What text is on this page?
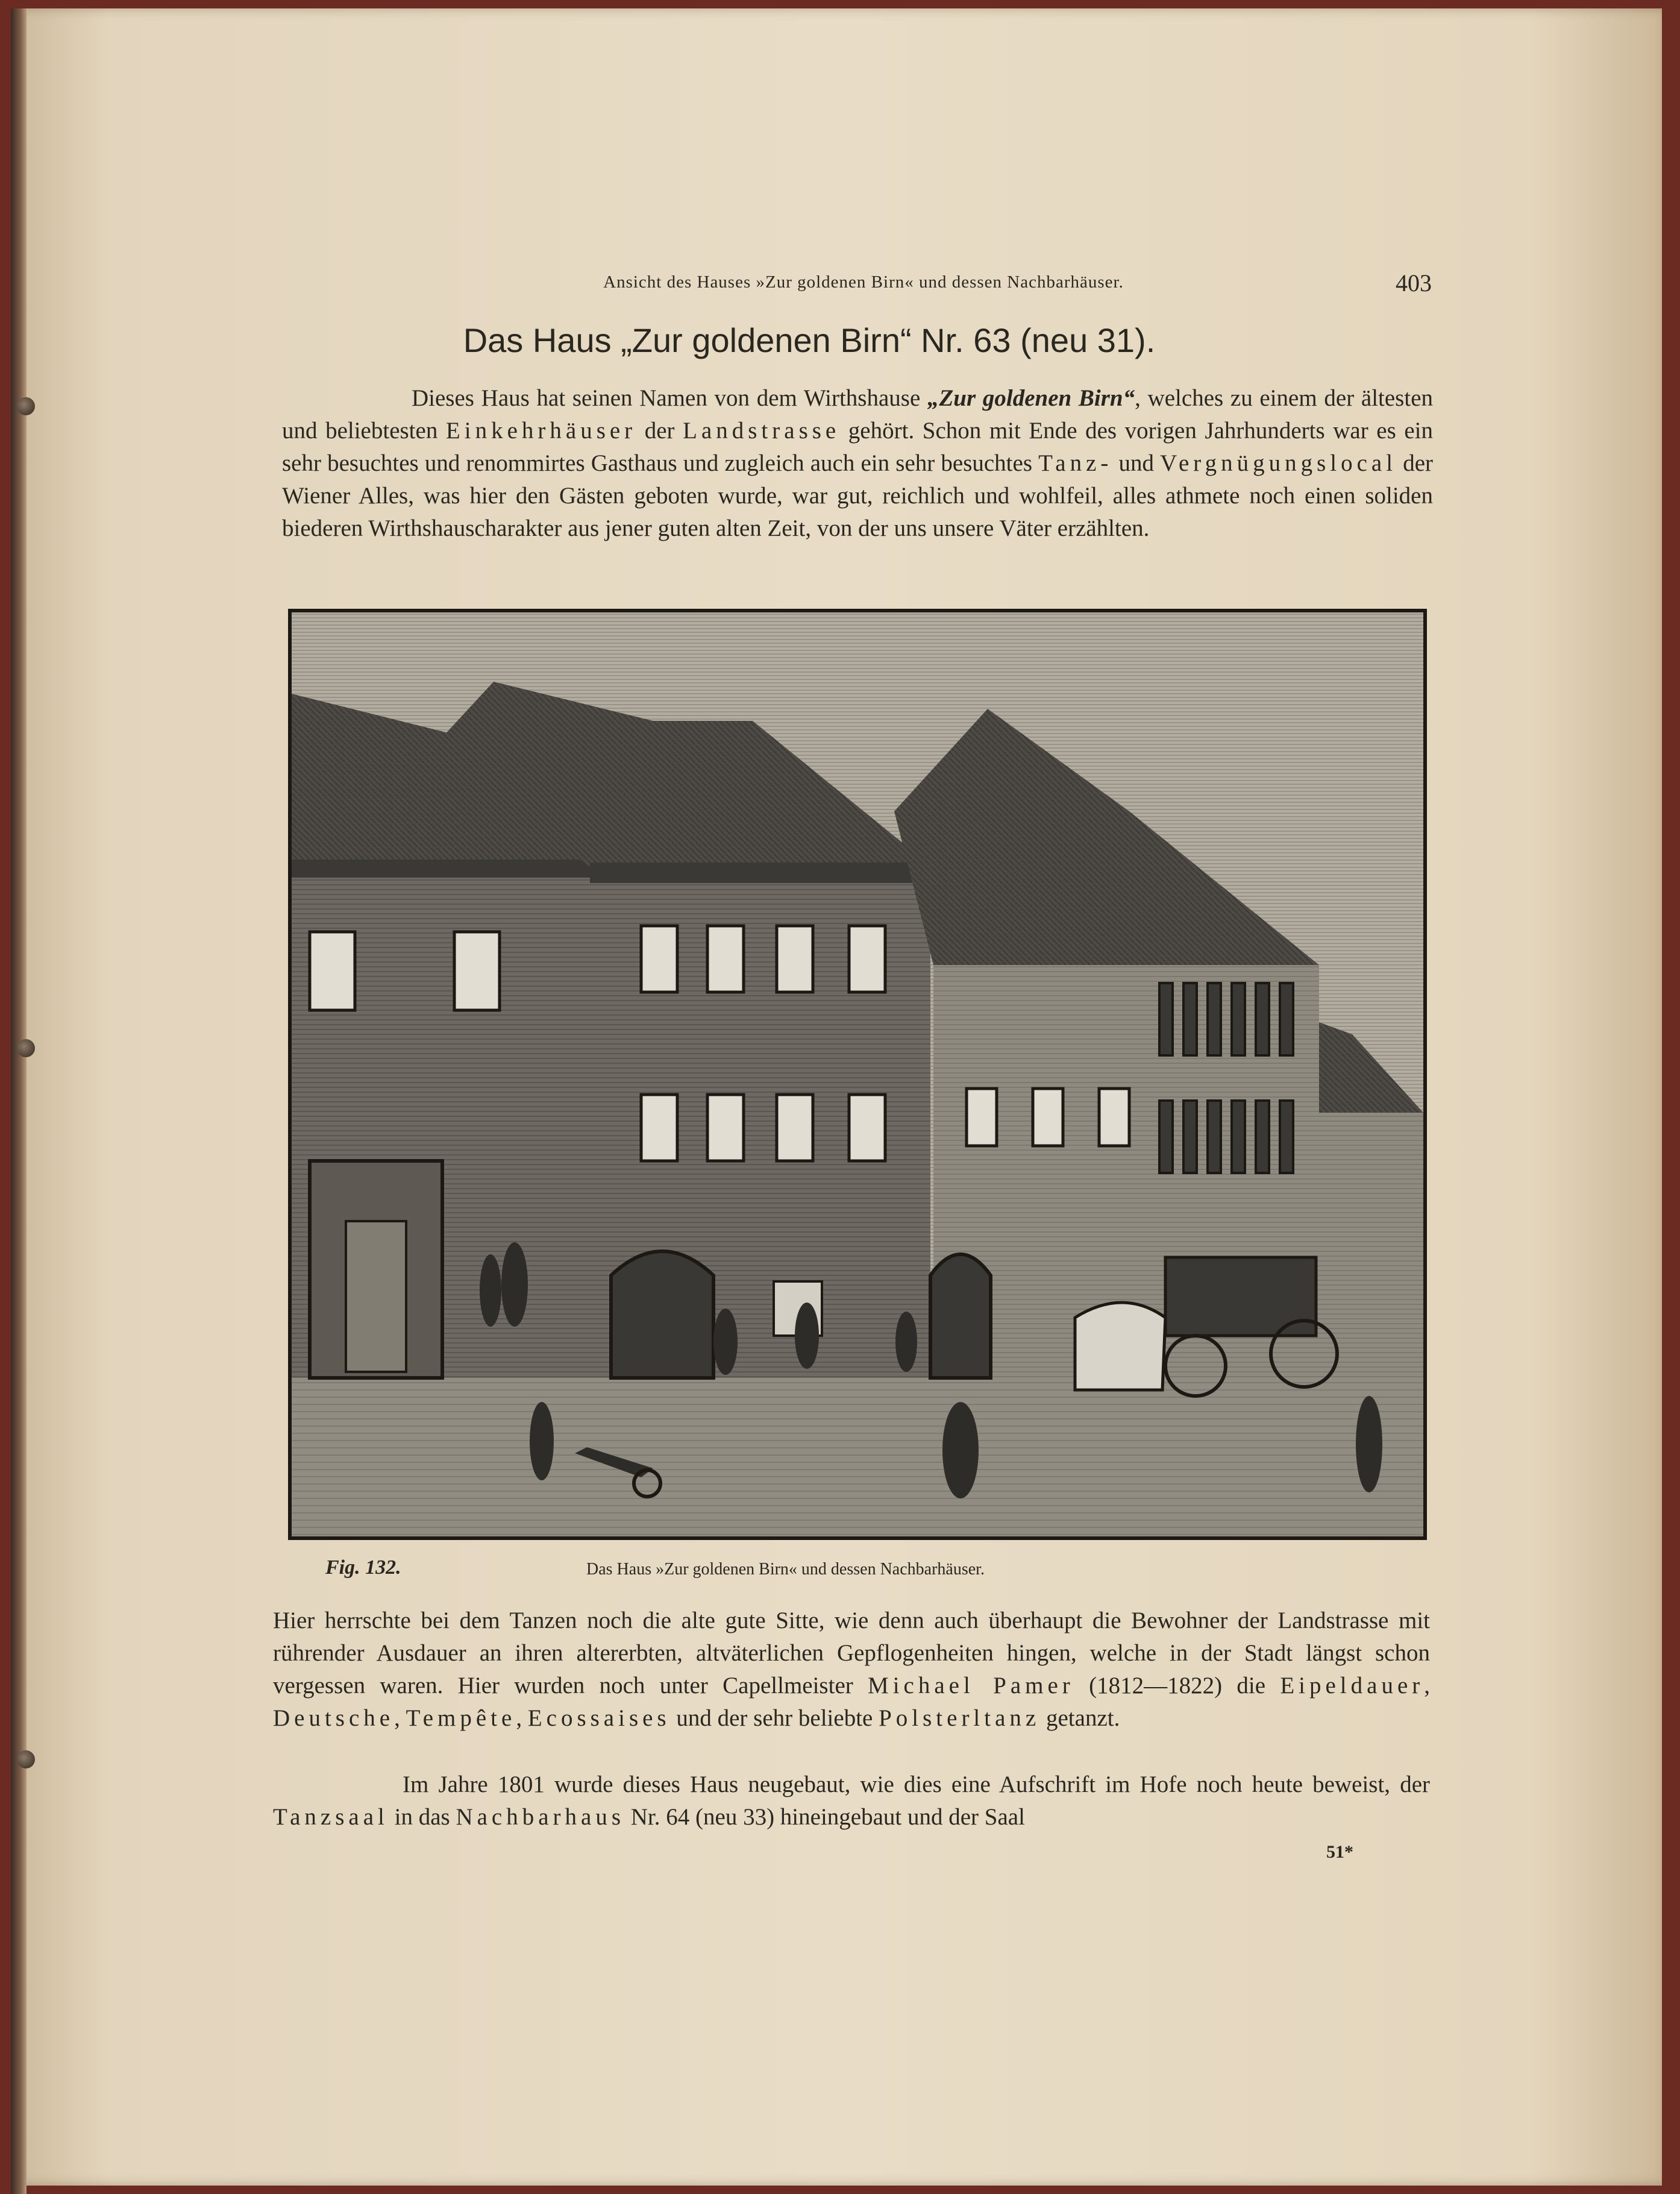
Ansicht des Hauses »Zur goldenen Birn« und dessen Nachbarhäuser.	403
Das Haus „Zur goldenen Birn“ Nr. 63 (neu 31).
Dieses Haus hat seinen Namen von dem Wirthshause „Zur goldenen Birn“, welches zu einem der ältesten und beliebtesten Einkehrhäuser der Landstrasse gehört. Schon mit Ende des vorigen Jahrhunderts war es ein sehr besuchtes und renommirtes Gasthaus und zugleich auch ein sehr besuchtes Tanz- und Vergnügungslocal der Wiener Alles, was hier den Gästen geboten wurde, war gut, reichlich und wohlfeil, alles athmete noch einen soliden biederen Wirthshauscharakter aus jener guten alten Zeit, von der uns unsere Väter erzählten.
Fig. 132.	Das Haus »Zur goldenen Birn« und dessen Nachbarhäuser.
Hier herrschte bei dem Tanzen noch die alte gute Sitte, wie denn auch überhaupt die Bewohner der Landstrasse mit rührender Ausdauer an ihren altererbten, altväterlichen Gepflogenheiten hingen, welche in der Stadt längst schon vergessen waren. Hier wurden noch unter Capellmeister Michael Pamer (1812—1822) die Eipeldauer, Deutsche, Tempête, Ecossaises und der sehr beliebte Polsterltanz getanzt.
Im Jahre 1801 wurde dieses Haus neugebaut, wie dies eine Aufschrift im Hofe noch heute beweist, der Tanzsaal in das Nachbarhaus Nr. 64 (neu 33) hineingebaut und der Saal
51*
